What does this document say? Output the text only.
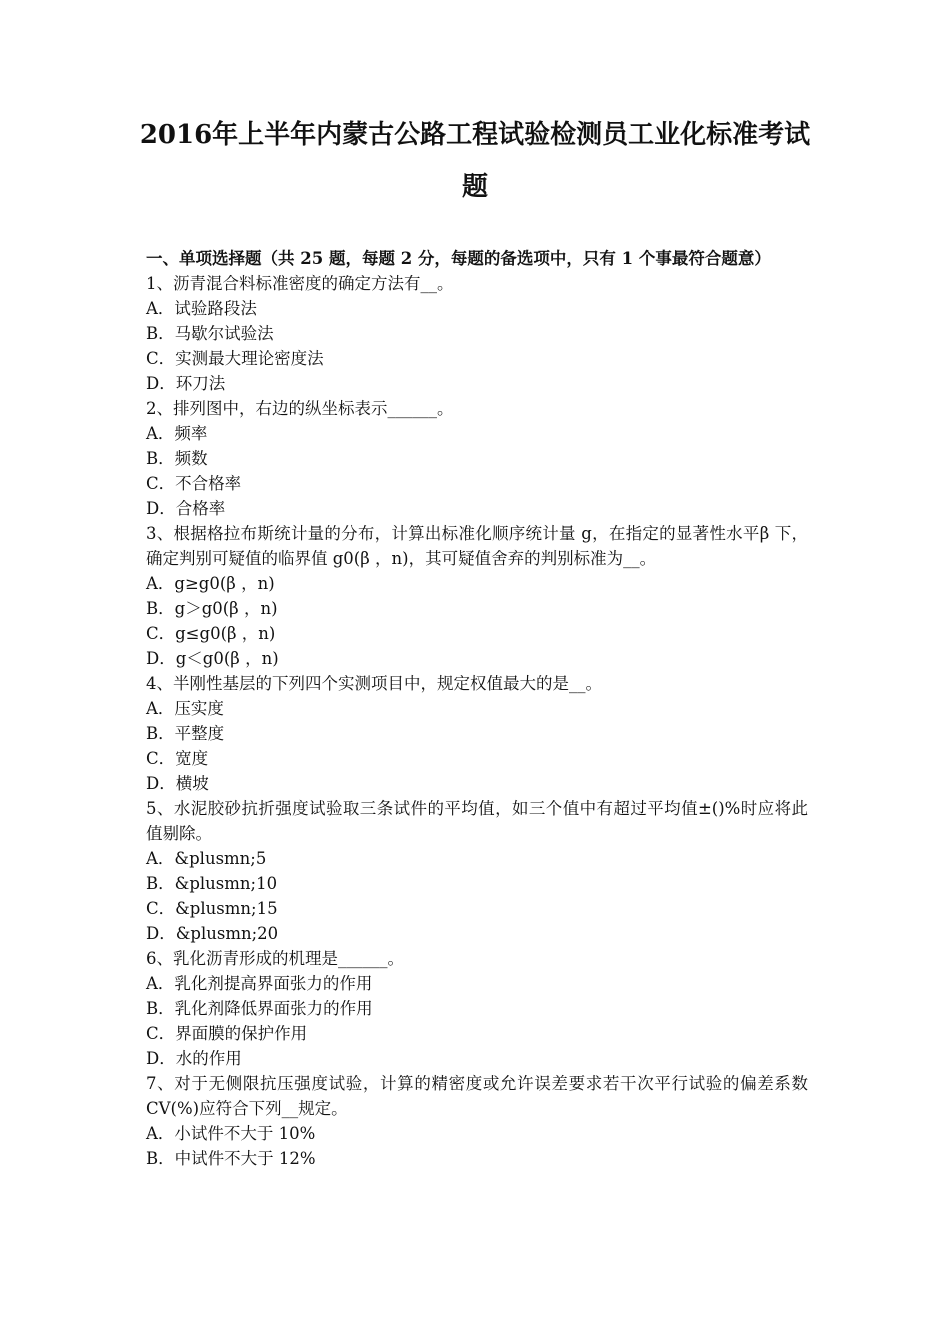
2016年上半年内蒙古公路工程试验检测员工业化标准考试
题

一、单项选择题（共 25 题，每题 2 分，每题的备选项中，只有 1 个事最符合题意）

1、沥青混合料标准密度的确定方法有__。

A．试验路段法

B．马歇尔试验法

C．实测最大理论密度法

D．环刀法

2、排列图中，右边的纵坐标表示______。

A．频率

B．频数

C．不合格率

D．合格率

3、根据格拉布斯统计量的分布，计算出标准化顺序统计量 g，在指定的显著性水平β 下，确定判别可疑值的临界值 g0(β ，n)，其可疑值舍弃的判别标准为__。

A．g≥g0(β ，n)

B．g＞g0(β ，n)

C．g≤g0(β ，n)

D．g＜g0(β ，n)

4、半刚性基层的下列四个实测项目中，规定权值最大的是__。

A．压实度

B．平整度

C．宽度

D．横坡

5、水泥胶砂抗折强度试验取三条试件的平均值，如三个值中有超过平均值±()%时应将此值剔除。

A．&plusmn;5

B．&plusmn;10

C．&plusmn;15

D．&plusmn;20

6、乳化沥青形成的机理是______。

A．乳化剂提高界面张力的作用

B．乳化剂降低界面张力的作用

C．界面膜的保护作用

D．水的作用

7、对于无侧限抗压强度试验，计算的精密度或允许误差要求若干次平行试验的偏差系数 CV(%)应符合下列__规定。

A．小试件不大于 10%

B．中试件不大于 12%
